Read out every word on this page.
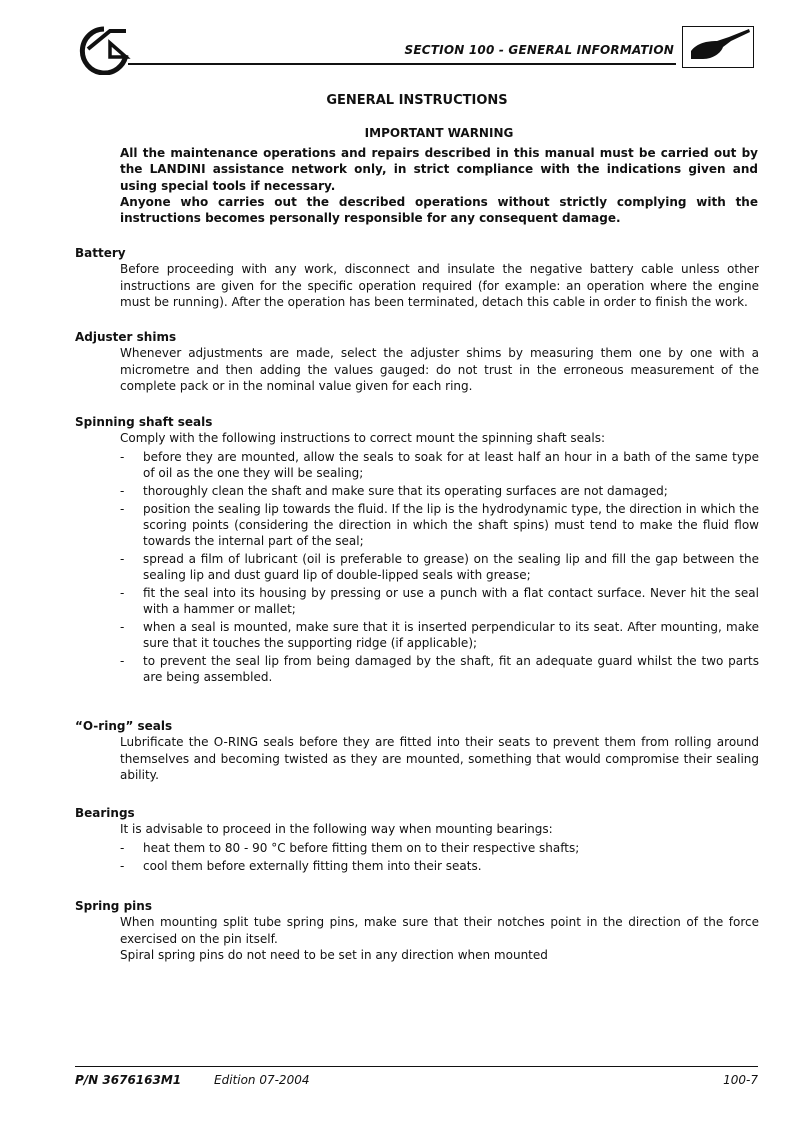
SECTION 100 - GENERAL INFORMATION
GENERAL INSTRUCTIONS
IMPORTANT WARNING

All the maintenance operations and repairs described in this manual must be carried out by the LANDINI assistance network only, in strict compliance with the indications given and using special tools if necessary.

Anyone who carries out the described operations without strictly complying with the instructions becomes personally responsible for any consequent damage.

Battery

Before proceeding with any work, disconnect and insulate the negative battery cable unless other instructions are given for the specific operation required (for example: an operation where the engine must be running). After the operation has been terminated, detach this cable in order to finish the work.

Adjuster shims

Whenever adjustments are made, select the adjuster shims by measuring them one by one with a micrometre and then adding the values gauged: do not trust in the erroneous measurement of the complete pack or in the nominal value given for each ring.

Spinning shaft seals

Comply with the following instructions to correct mount the spinning shaft seals:

- before they are mounted, allow the seals to soak for at least half an hour in a bath of the same type of oil as the one they will be sealing;
- thoroughly clean the shaft and make sure that its operating surfaces are not damaged;
- position the sealing lip towards the fluid. If the lip is the hydrodynamic type, the direction in which the scoring points (considering the direction in which the shaft spins) must tend to make the fluid flow towards the internal part of the seal;
- spread a film of lubricant (oil is preferable to grease) on the sealing lip and fill the gap between the sealing lip and dust guard lip of double-lipped seals with grease;
- fit the seal into its housing by pressing or use a punch with a flat contact surface. Never hit the seal with a hammer or mallet;
- when a seal is mounted, make sure that it is inserted perpendicular to its seat. After mounting, make sure that it touches the supporting ridge (if applicable);
- to prevent the seal lip from being damaged by the shaft, fit an adequate guard whilst the two parts are being assembled.
“O-ring” seals

Lubrificate the O-RING seals before they are fitted into their seats to prevent them from rolling around themselves and becoming twisted as they are mounted, something that would compromise their sealing ability.

Bearings

It is advisable to proceed in the following way when mounting bearings:

- heat them to 80 - 90 °C before fitting them on to their respective shafts;
- cool them before externally fitting them into their seats.
Spring pins

When mounting split tube spring pins, make sure that their notches point in the direction of the force exercised on the pin itself.

Spiral spring pins do not need to be set in any direction when mounted

P/N 3676163M1	Edition 07-2004	100-7
